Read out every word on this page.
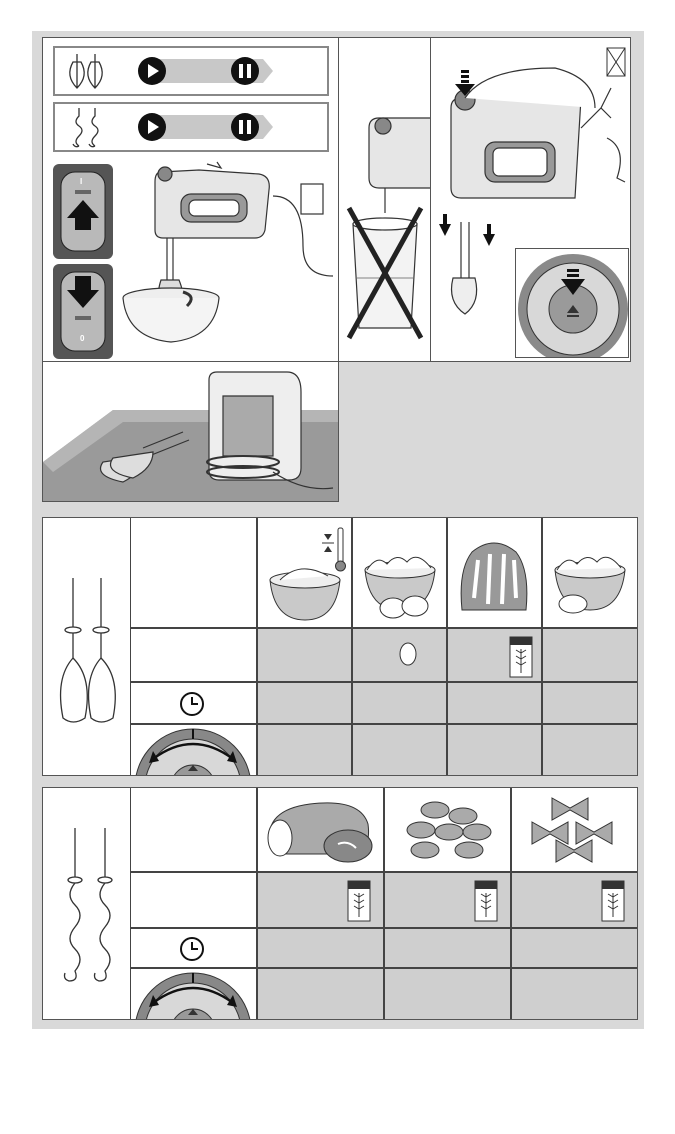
I
0
